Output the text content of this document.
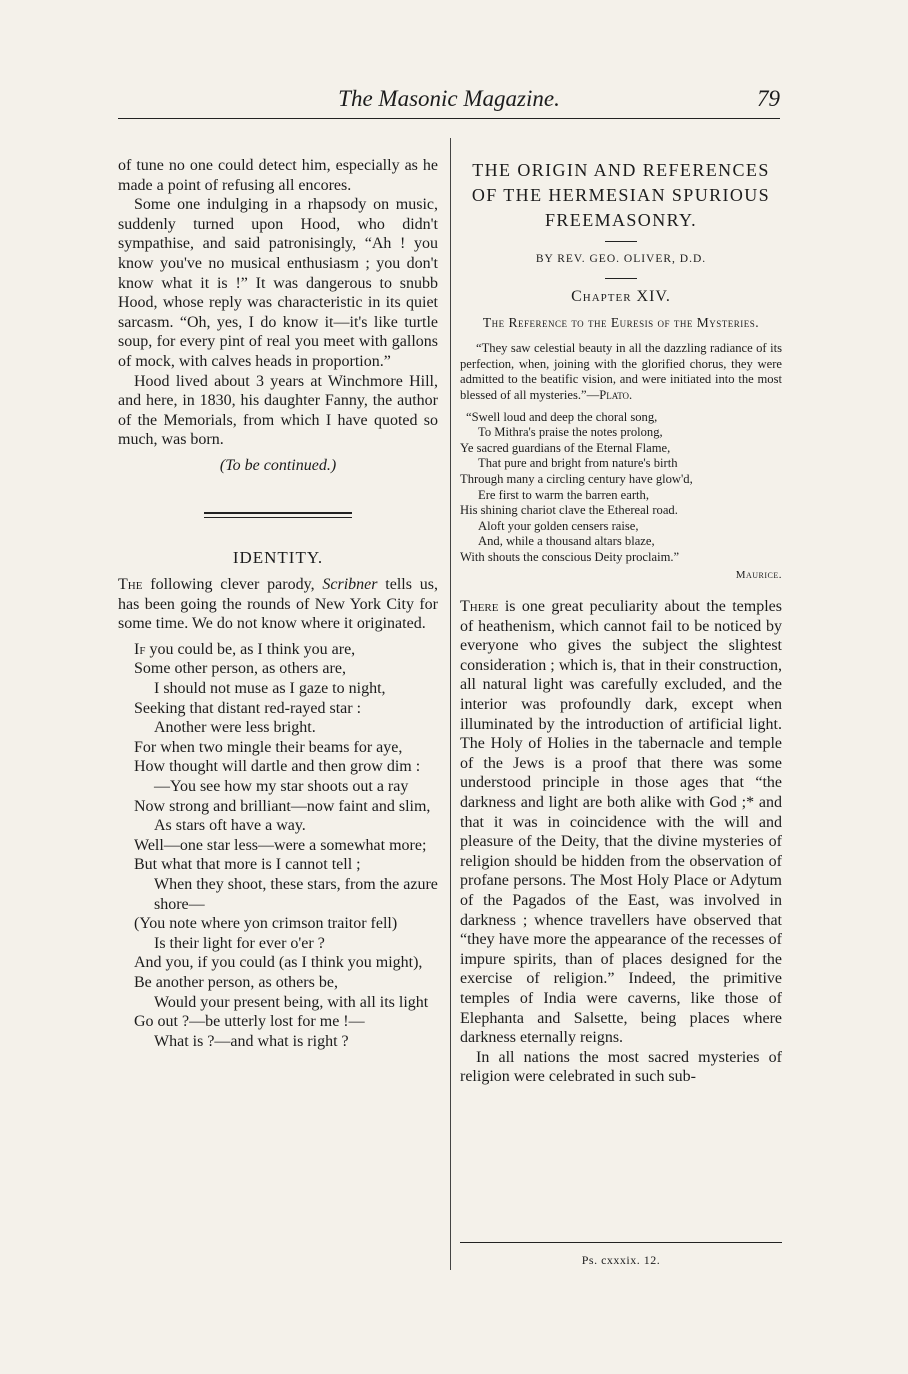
The Masonic Magazine.	79

of tune no one could detect him, especially as he made a point of refusing all encores.

Some one indulging in a rhapsody on music, suddenly turned upon Hood, who didn't sympathise, and said patronisingly, “Ah ! you know you've no musical enthusiasm ; you don't know what it is !” It was dangerous to snubb Hood, whose reply was characteristic in its quiet sarcasm. “Oh, yes, I do know it—it's like turtle soup, for every pint of real you meet with gallons of mock, with calves heads in proportion.”

Hood lived about 3 years at Winchmore Hill, and here, in 1830, his daughter Fanny, the author of the Memorials, from which I have quoted so much, was born.

(To be continued.)

IDENTITY.

The following clever parody, Scribner tells us, has been going the rounds of New York City for some time. We do not know where it originated.

If you could be, as I think you are,
Some other person, as others are,
I should not muse as I gaze to night,
Seeking that distant red-rayed star :
Another were less bright.
For when two mingle their beams for aye,
How thought will dartle and then grow dim :
—You see how my star shoots out a ray
Now strong and brilliant—now faint and slim,
As stars oft have a way.
Well—one star less—were a somewhat more;
But what that more is I cannot tell ;
When they shoot, these stars, from the azure shore—
(You note where yon crimson traitor fell)
Is their light for ever o'er ?
And you, if you could (as I think you might),
Be another person, as others be,
Would your present being, with all its light
Go out ?—be utterly lost for me !—
What is ?—and what is right ?

THE ORIGIN AND REFERENCES OF THE HERMESIAN SPURIOUS FREEMASONRY.

BY REV. GEO. OLIVER, D.D.
Chapter XIV.
The Reference to the Euresis of the Mysteries.

“They saw celestial beauty in all the dazzling radiance of its perfection, when, joining with the glorified chorus, they were admitted to the beatific vision, and were initiated into the most blessed of all mysteries.”—Plato.

“Swell loud and deep the choral song,
To Mithra's praise the notes prolong,
Ye sacred guardians of the Eternal Flame,
That pure and bright from nature's birth
Through many a circling century have glow'd,
Ere first to warm the barren earth,
His shining chariot clave the Ethereal road.
Aloft your golden censers raise,
And, while a thousand altars blaze,
With shouts the conscious Deity proclaim.”
Maurice.

There is one great peculiarity about the temples of heathenism, which cannot fail to be noticed by everyone who gives the subject the slightest consideration ; which is, that in their construction, all natural light was carefully excluded, and the interior was profoundly dark, except when illuminated by the introduction of artificial light. The Holy of Holies in the tabernacle and temple of the Jews is a proof that there was some understood principle in those ages that “the darkness and light are both alike with God ;* and that it was in coincidence with the will and pleasure of the Deity, that the divine mysteries of religion should be hidden from the observation of profane persons. The Most Holy Place or Adytum of the Pagados of the East, was involved in darkness ; whence travellers have observed that “they have more the appearance of the recesses of impure spirits, than of places designed for the exercise of religion.” Indeed, the primitive temples of India were caverns, like those of Elephanta and Salsette, being places where darkness eternally reigns.

In all nations the most sacred mysteries of religion were celebrated in such sub-

Ps. cxxxix. 12.
